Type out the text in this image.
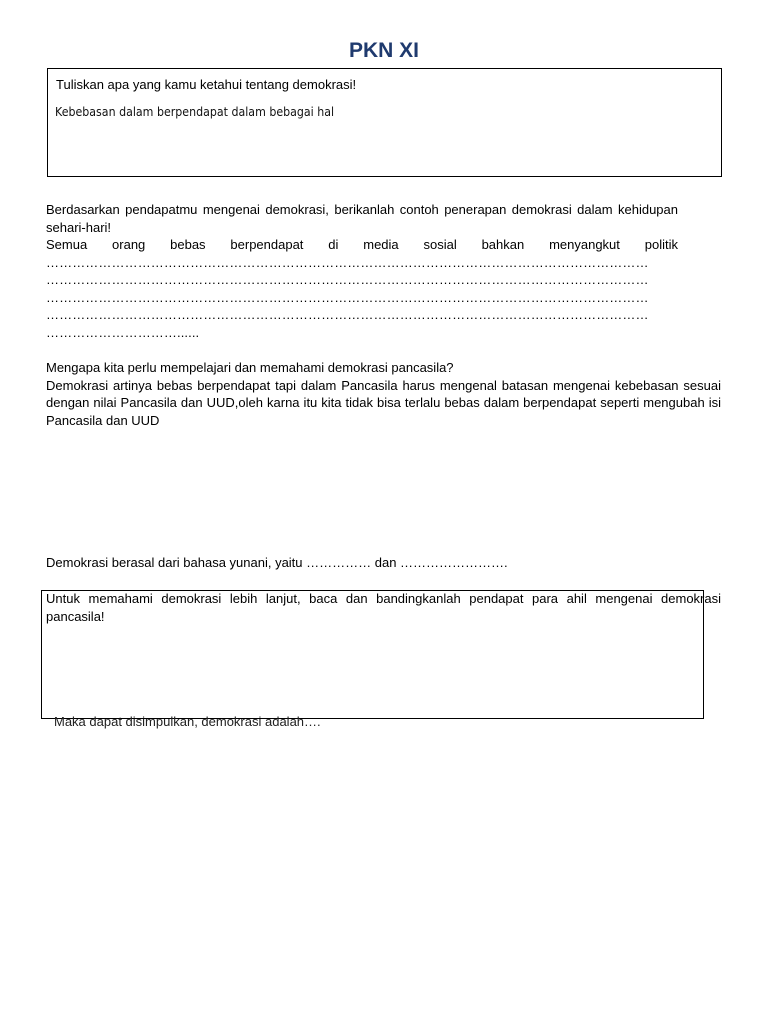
PKN XI
Tuliskan apa yang kamu ketahui tentang demokrasi!
Kebebasan dalam berpendapat dalam bebagai hal
Berdasarkan pendapatmu mengenai demokrasi, berikanlah contoh penerapan demokrasi dalam kehidupan sehari-hari!
Semua orang bebas berpendapat di media sosial bahkan menyangkut politik
…………………………………………………………………………………………………………………………
…………………………………………………………………………………………………………………………
…………………………………………………………………………………………………………………………
…………………………………………………………………………………………………………………………
…………………………......
Mengapa kita perlu mempelajari dan memahami demokrasi pancasila?
Demokrasi artinya bebas berpendapat tapi dalam Pancasila harus mengenal batasan mengenai kebebasan sesuai dengan nilai Pancasila dan UUD,oleh karna itu kita tidak bisa terlalu bebas dalam berpendapat seperti mengubah isi Pancasila dan UUD
Demokrasi berasal dari bahasa yunani, yaitu …………… dan …………………….
Untuk memahami demokrasi lebih lanjut, baca dan bandingkanlah pendapat para ahil mengenai demokrasi pancasila!
Maka dapat disimpulkan, demokrasi adalah….
